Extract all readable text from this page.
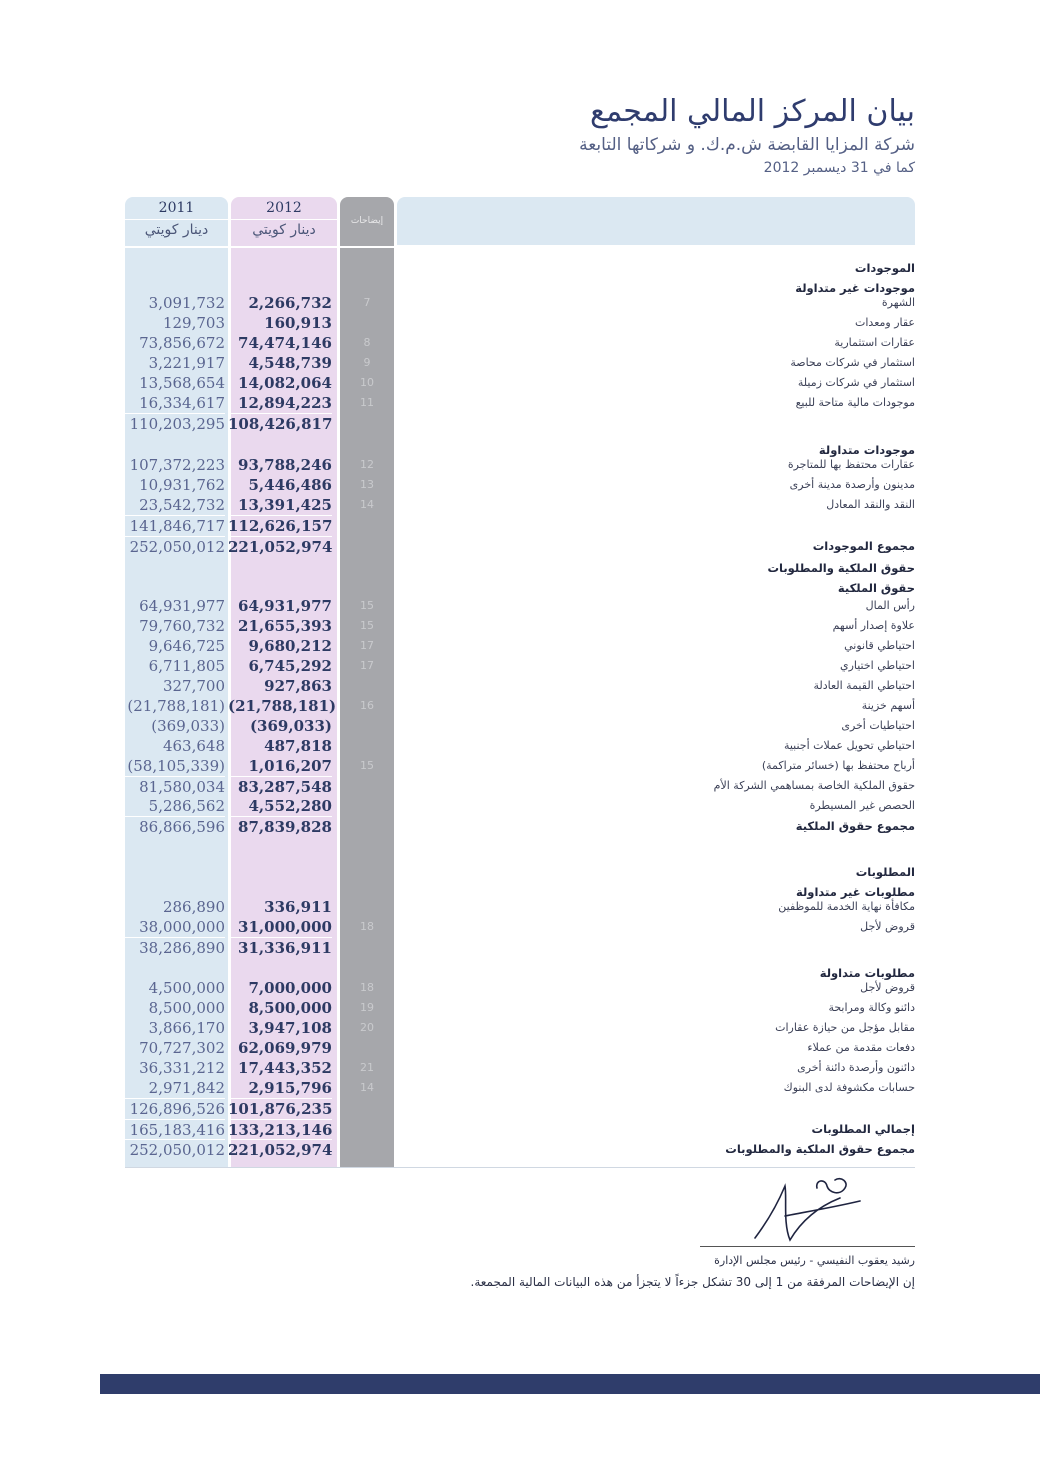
بيان المركز المالي المجمع
شركة المزايا القابضة ش.م.ك. و شركاتها التابعة
كما في 31 ديسمبر 2012
2011	2012
دينار كويتي	دينار كويتي
إيضاحات
الموجودات
موجودات غير متداولة
3,091,732	2,266,732	7	الشهرة
129,703	160,913	عقار ومعدات
73,856,672 74,474,146	8	عقارات استثمارية
3,221,917	4,548,739	9	استثمار في شركات محاصة
13,568,654 14,082,064	10	استثمار في شركات زميلة
16,334,617 12,894,223	11	موجودات مالية متاحة للبيع
110,203,295 108,426,817
موجودات متداولة
107,372,223 93,788,246	12	عقارات محتفظ بها للمتاجرة
10,931,762	5,446,486	13	مدينون وأرصدة مدينة أخرى
23,542,732 13,391,425	14	النقد والنقد المعادل
141,846,717 112,626,157
252,050,012 221,052,974	مجموع الموجودات
حقوق الملكية والمطلوبات
حقوق الملكية
64,931,977 64,931,977	15	رأس المال
79,760,732 21,655,393	15	علاوة إصدار أسهم
9,646,725	9,680,212	17	احتياطي قانوني
6,711,805	6,745,292	17	احتياطي اختياري
327,700	927,863	احتياطي القيمة العادلة
(21,788,181) (21,788,181)	16	أسهم خزينة
(369,033)	(369,033)	احتياطيات أخرى
463,648	487,818	احتياطي تحويل عملات أجنبية
(58,105,339)	1,016,207	15	أرباح محتفظ بها (خسائر متراكمة)
81,580,034 83,287,548	حقوق الملكية الخاصة بمساهمي الشركة الأم
5,286,562	4,552,280	الحصص غير المسيطرة
86,866,596 87,839,828	مجموع حقوق الملكية
المطلوبات
مطلوبات غير متداولة
286,890	336,911	مكافأة نهاية الخدمة للموظفين
38,000,000 31,000,000	18	قروض لأجل
38,286,890 31,336,911
مطلوبات متداولة
4,500,000	7,000,000	18	قروض لأجل
8,500,000	8,500,000	19	دائنو وكالة ومرابحة
3,866,170	3,947,108	20	مقابل مؤجل من حيازة عقارات
70,727,302 62,069,979	دفعات مقدمة من عملاء
36,331,212 17,443,352	21	دائنون وأرصدة دائنة أخرى
2,971,842	2,915,796	14	حسابات مكشوفة لدى البنوك
126,896,526 101,876,235
165,183,416 133,213,146	إجمالي المطلوبات
252,050,012 221,052,974	مجموع حقوق الملكية والمطلوبات
رشيد يعقوب النفيسي - رئيس مجلس الإدارة
إن الإيضاحات المرفقة من 1 إلى 30 تشكل جزءاً لا يتجزأ من هذه البيانات المالية المجمعة.
